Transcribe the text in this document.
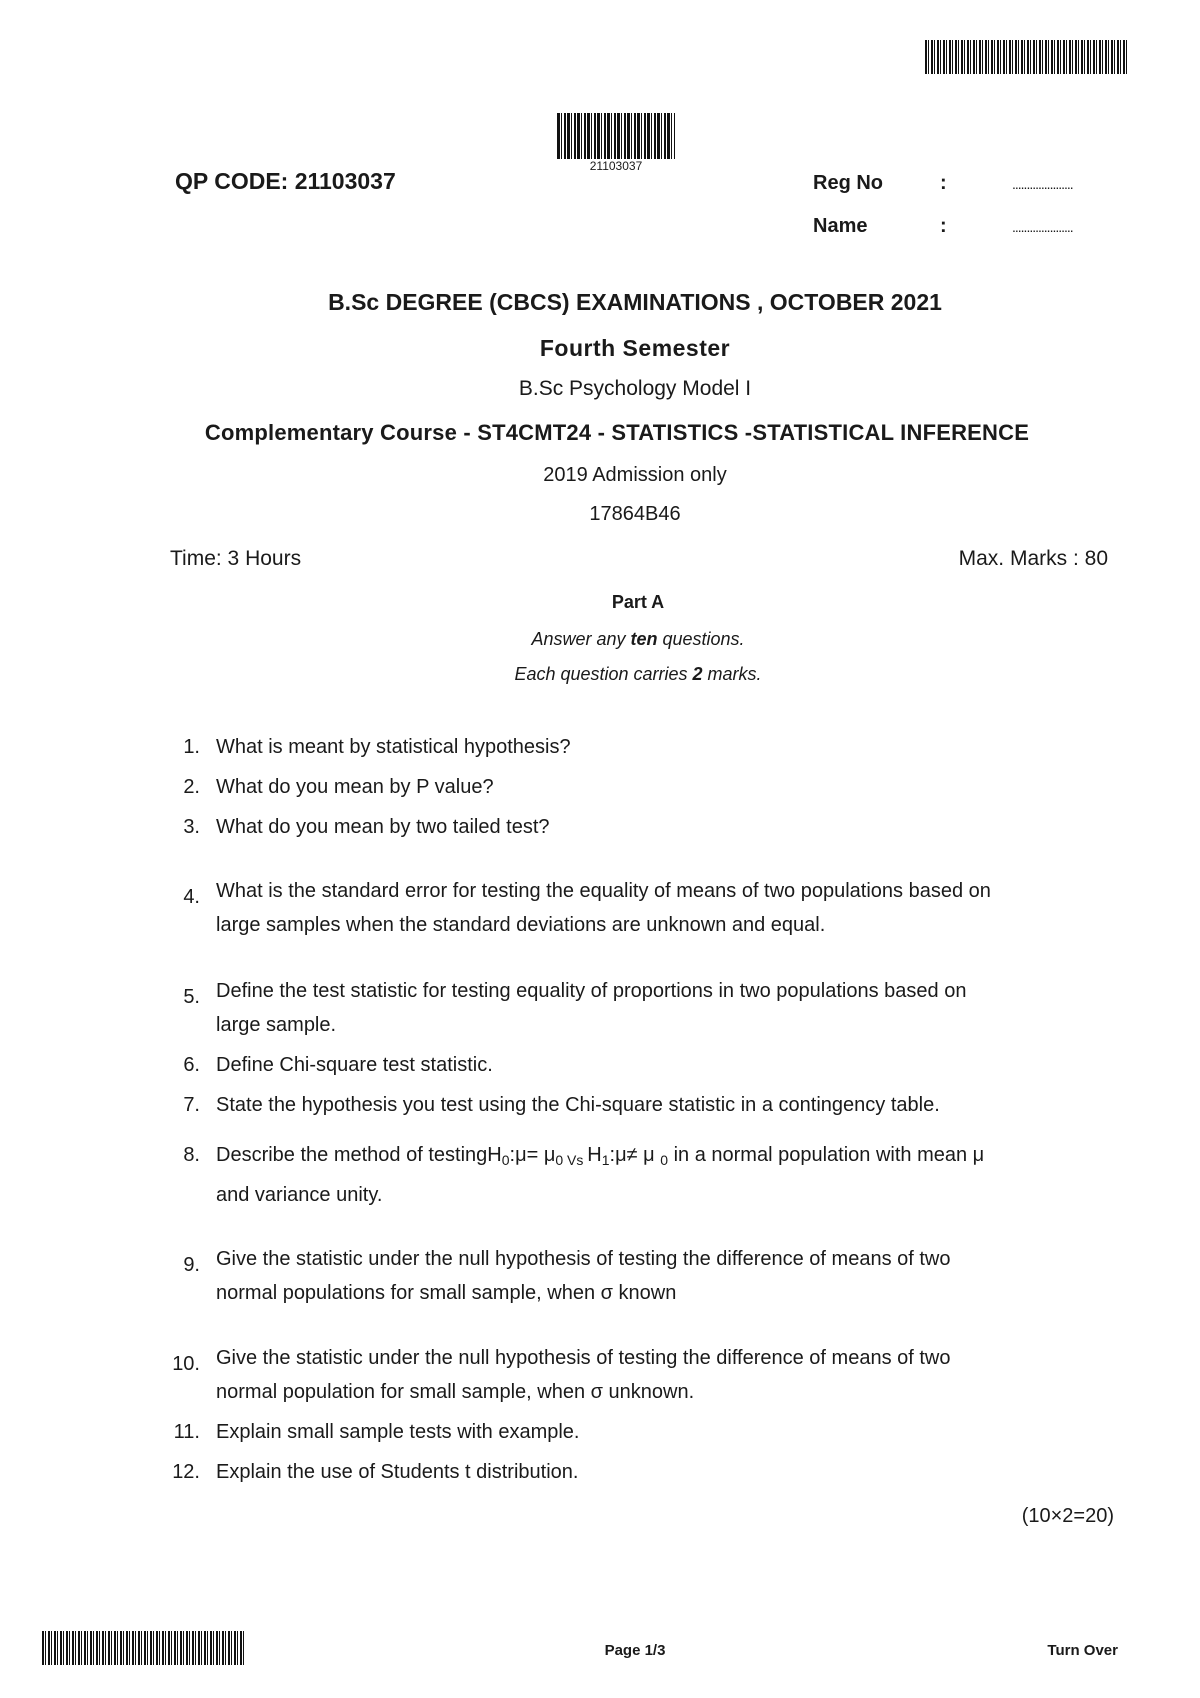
21103037
QP CODE: 21103037	Reg No	:	.....................
Name	:	.....................
B.Sc DEGREE (CBCS) EXAMINATIONS , OCTOBER 2021
Fourth Semester
B.Sc Psychology Model I
Complementary Course - ST4CMT24 - STATISTICS -STATISTICAL INFERENCE
2019 Admission only
17864B46
Time: 3 Hours	Max. Marks : 80
Part A
Answer any ten questions.
Each question carries 2 marks.
1. What is meant by statistical hypothesis?
2. What do you mean by P value?
3. What do you mean by two tailed test?
4. What is the standard error for testing the equality of means of two populations based on
large samples when the standard deviations are unknown and equal.
5. Define the test statistic for testing equality of proportions in two populations based on
large sample.
6. Define Chi-square test statistic.
7. State the hypothesis you test using the Chi-square statistic in a contingency table.
8. Describe the method of testingH$_0$:μ= $\mu_0$ $_{Vs}$ $H_1:\mu\ne \mu$ $_0$ in a normal population with mean μ
and variance unity.
9. Give the statistic under the null hypothesis of testing the difference of means of two
normal populations for small sample, when σ known
10. Give the statistic under the null hypothesis of testing the difference of means of two
normal population for small sample, when σ unknown.
11. Explain small sample tests with example.
12. Explain the use of Students t distribution.
(10×2=20)
Page 1/3	Turn Over
